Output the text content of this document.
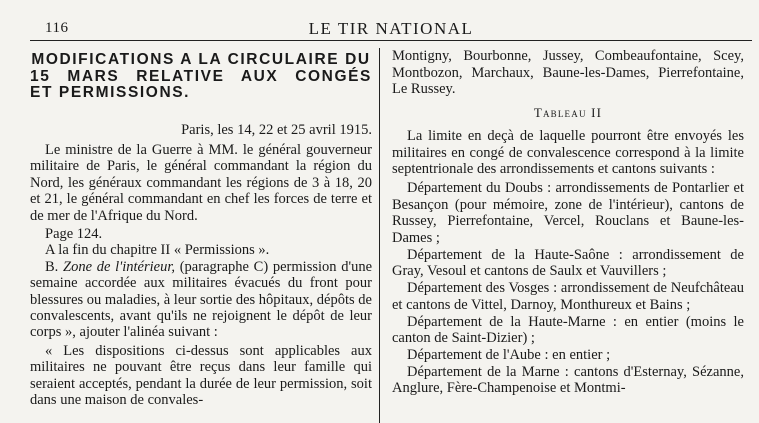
116	LE TIR NATIONAL
MODIFICATIONS A LA CIRCULAIRE DU
15 MARS RELATIVE AUX CONGÉS
ET PERMISSIONS.

Paris, les 14, 22 et 25 avril 1915.

Le ministre de la Guerre à MM. le général gouverneur militaire de Paris, le général commandant la région du Nord, les généraux commandant les régions de 3 à 18, 20 et 21, le général commandant en chef les forces de terre et de mer de l'Afrique du Nord.

Page 124.

A la fin du chapitre II « Permissions ».

B. Zone de l'intérieur, (paragraphe C) permission d'une semaine accordée aux militaires évacués du front pour blessures ou maladies, à leur sortie des hôpitaux, dépôts de convalescents, avant qu'ils ne rejoignent le dépôt de leur corps », ajouter l'alinéa suivant :

« Les dispositions ci-dessus sont applicables aux militaires ne pouvant être reçus dans leur famille qui seraient acceptés, pendant la durée de leur permission, soit dans une maison de convales-

Montigny, Bourbonne, Jussey, Combeaufontaine, Scey, Montbozon, Marchaux, Baune-les-Dames, Pierrefontaine, Le Russey.

Tableau II

La limite en deçà de laquelle pourront être envoyés les militaires en congé de convalescence correspond à la limite septentrionale des arrondissements et cantons suivants :

Département du Doubs : arrondissements de Pontarlier et Besançon (pour mémoire, zone de l'intérieur), cantons de Russey, Pierrefontaine, Vercel, Rouclans et Baune-les-Dames ;

Département de la Haute-Saône : arrondissement de Gray, Vesoul et cantons de Saulx et Vauvillers ;

Département des Vosges : arrondissement de Neufchâteau et cantons de Vittel, Darnoy, Monthureux et Bains ;

Département de la Haute-Marne : en entier (moins le canton de Saint-Dizier) ;

Département de l'Aube : en entier ;

Département de la Marne : cantons d'Esternay, Sézanne, Anglure, Fère-Champenoise et Montmi-
